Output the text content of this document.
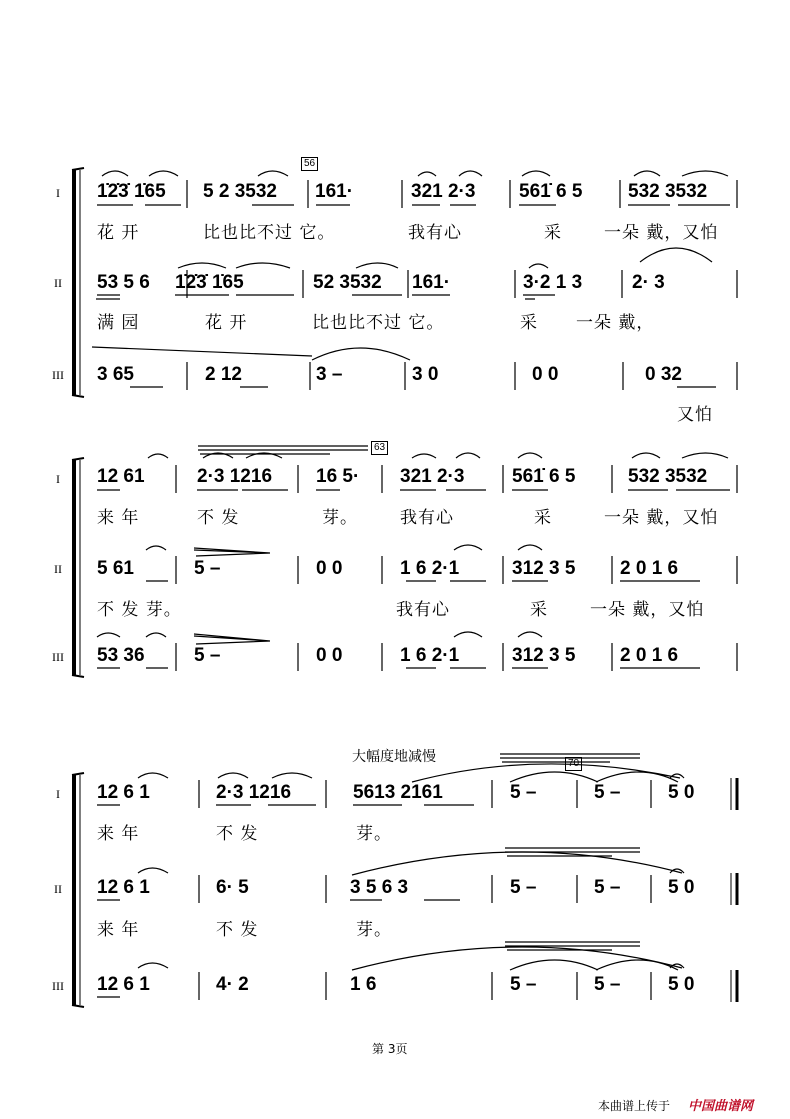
I
II
III
I
II
III
I
II
III
56
63
70
大幅度地减慢
1̇2̇3̇ 1̇65 5 2 3532 161·	321 2·3 561̇ 6 5 532 3532
花 开	比也比不过 它。	我有心	采 一朵 戴，又怕
53 5 6 1̇2̇3̇ 1̇65	52 3532 161·	3·2 1 3	2· 3
满 园	花 开	比也比不过 它。	采 一朵 戴，
3 65	2 12	3 –	3 0	0 0	0 32
又怕
12 61	2·3 1216 16 5· 321 2·3	561̇ 6 5	532 3532
来 年	不 发	芽。 我有心	采	一朵 戴，又怕
5 61	5 –	0 0	1 6 2·1	312 3 5 2 0 1 6
不 发 芽。	我有心	采 一朵 戴，又怕
53 36	5 –	0 0	1 6 2·1	312 3 5 2 0 1 6
12 6 1	2·3 1216	5613 2161	5 –	5 –	5 0
来 年	不 发	芽。
12 6 1	6· 5	3 5 6 3	5 –	5 –	5 0
来 年	不 发	芽。
12 6 1	4· 2	1 6	5 –	5 –	5 0
第 3页
本曲谱上传于 中国曲谱网
